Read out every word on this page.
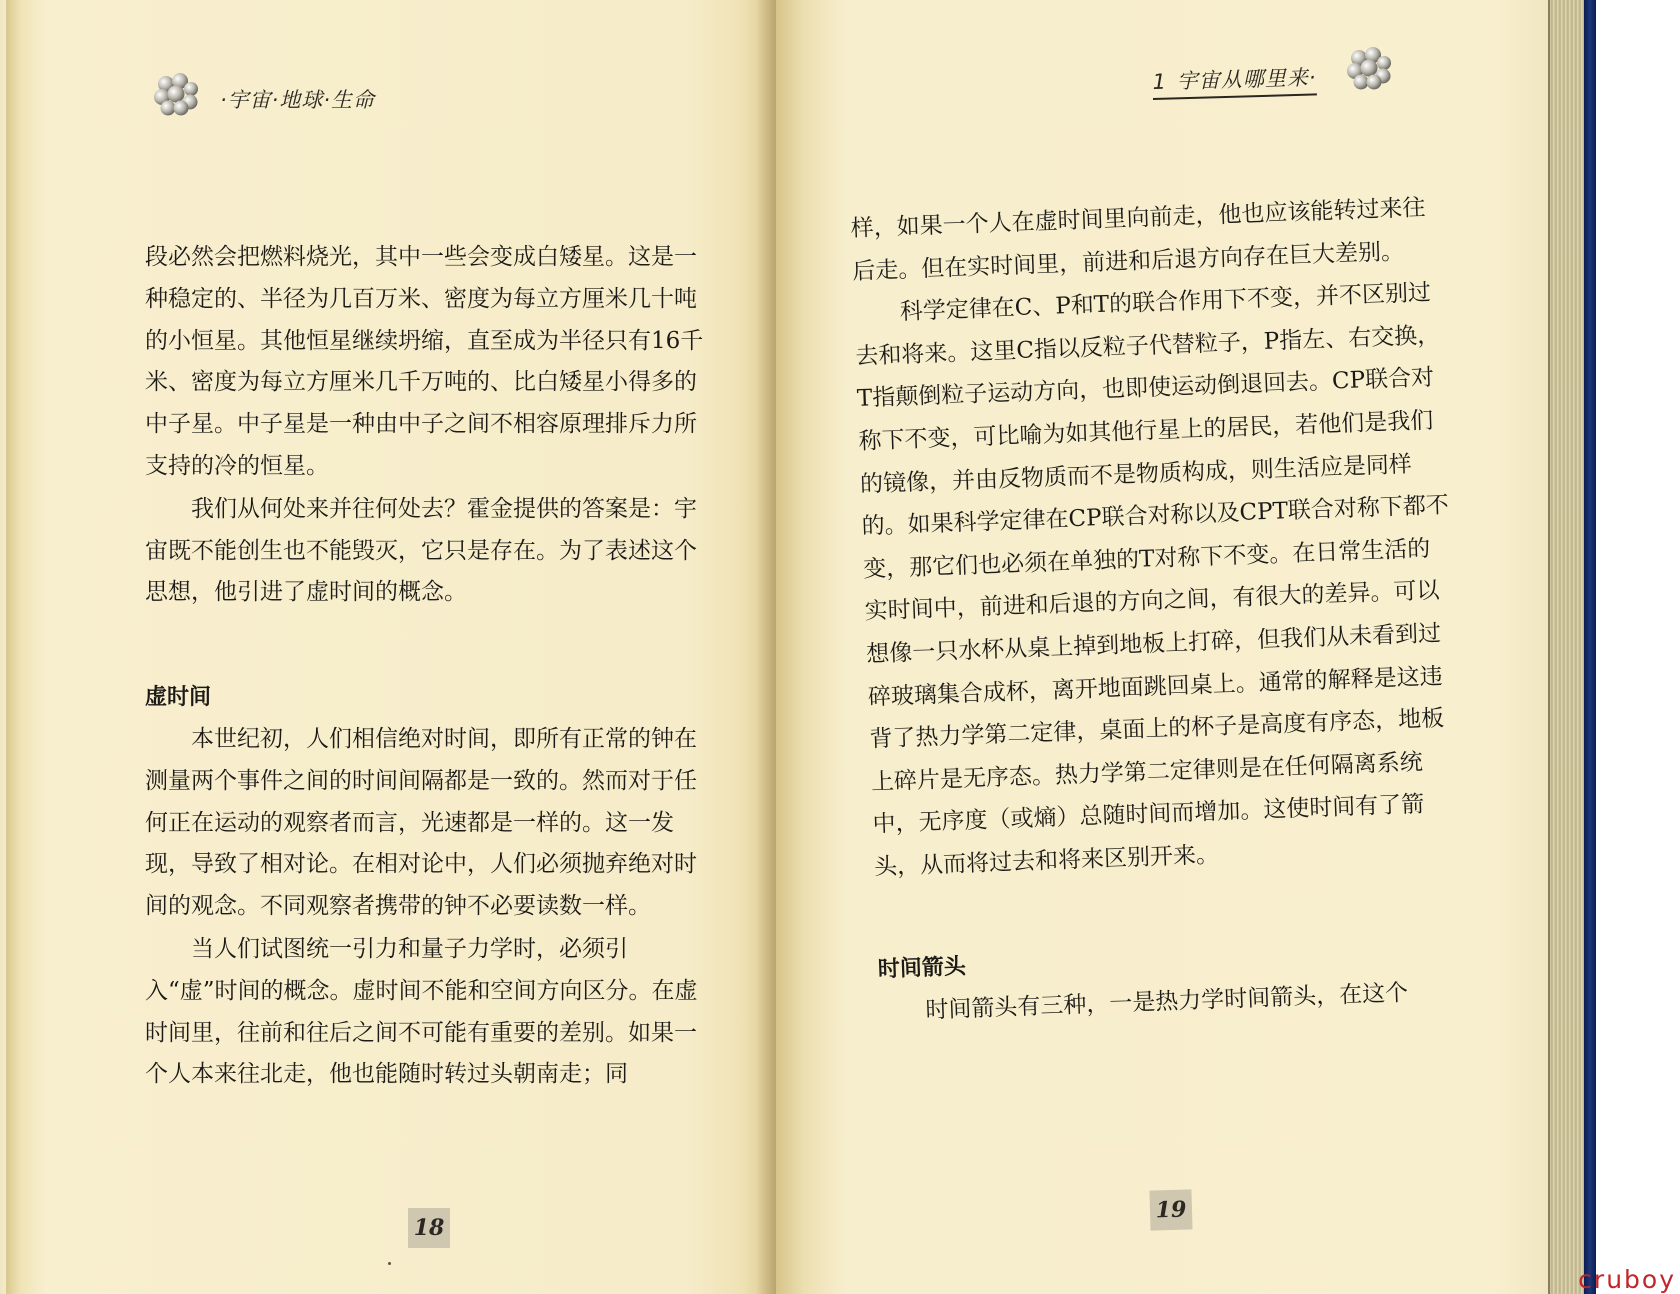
·宇宙·地球·生命

段必然会把燃料烧光，其中一些会变成白矮星。这是一种稳定的、半径为几百万米、密度为每立方厘米几十吨的小恒星。其他恒星继续坍缩，直至成为半径只有16千米、密度为每立方厘米几千万吨的、比白矮星小得多的中子星。中子星是一种由中子之间不相容原理排斥力所支持的冷的恒星。

我们从何处来并往何处去？霍金提供的答案是：宇宙既不能创生也不能毁灭，它只是存在。为了表述这个思想，他引进了虚时间的概念。

虚时间

本世纪初，人们相信绝对时间，即所有正常的钟在测量两个事件之间的时间间隔都是一致的。然而对于任何正在运动的观察者而言，光速都是一样的。这一发现，导致了相对论。在相对论中，人们必须抛弃绝对时间的观念。不同观察者携带的钟不必要读数一样。

当人们试图统一引力和量子力学时，必须引入“虚”时间的概念。虚时间不能和空间方向区分。在虚时间里，往前和往后之间不可能有重要的差别。如果一个人本来往北走，他也能随时转过头朝南走；同

18
1 宇宙从哪里来·

样，如果一个人在虚时间里向前走，他也应该能转过来往后走。但在实时间里，前进和后退方向存在巨大差别。

科学定律在C、P和T的联合作用下不变，并不区别过去和将来。这里C指以反粒子代替粒子，P指左、右交换，T指颠倒粒子运动方向，也即使运动倒退回去。CP联合对称下不变，可比喻为如其他行星上的居民，若他们是我们的镜像，并由反物质而不是物质构成，则生活应是同样的。如果科学定律在CP联合对称以及CPT联合对称下都不变，那它们也必须在单独的T对称下不变。在日常生活的实时间中，前进和后退的方向之间，有很大的差异。可以想像一只水杯从桌上掉到地板上打碎，但我们从未看到过碎玻璃集合成杯，离开地面跳回桌上。通常的解释是这违背了热力学第二定律，桌面上的杯子是高度有序态，地板上碎片是无序态。热力学第二定律则是在任何隔离系统中，无序度（或熵）总随时间而增加。这使时间有了箭头，从而将过去和将来区别开来。

时间箭头

时间箭头有三种，一是热力学时间箭头，在这个

19
cruboy
